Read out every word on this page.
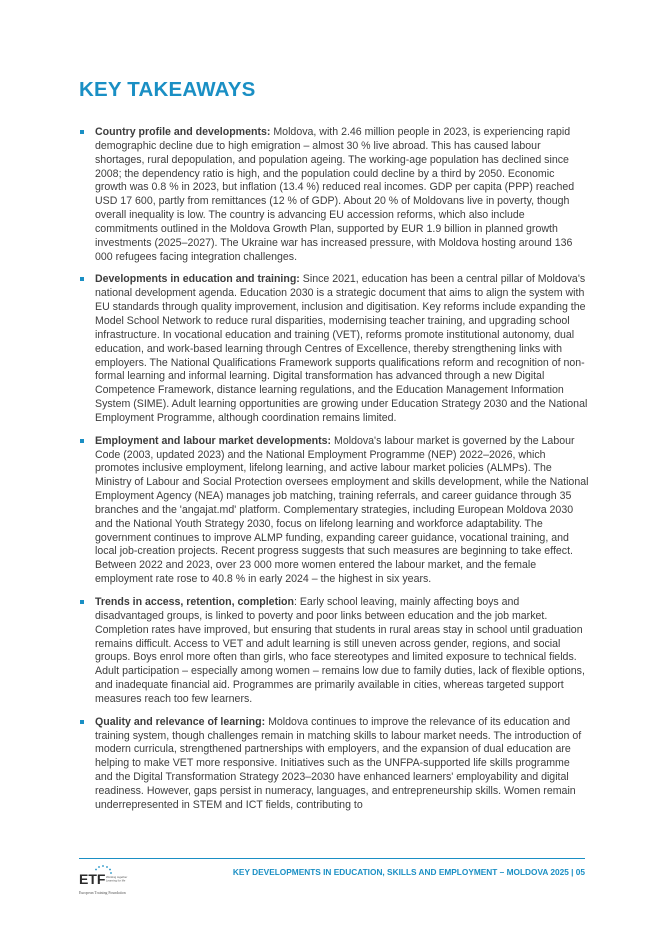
KEY TAKEAWAYS
Country profile and developments: Moldova, with 2.46 million people in 2023, is experiencing rapid demographic decline due to high emigration – almost 30 % live abroad. This has caused labour shortages, rural depopulation, and population ageing. The working-age population has declined since 2008; the dependency ratio is high, and the population could decline by a third by 2050. Economic growth was 0.8 % in 2023, but inflation (13.4 %) reduced real incomes. GDP per capita (PPP) reached USD 17 600, partly from remittances (12 % of GDP). About 20 % of Moldovans live in poverty, though overall inequality is low. The country is advancing EU accession reforms, which also include commitments outlined in the Moldova Growth Plan, supported by EUR 1.9 billion in planned growth investments (2025–2027). The Ukraine war has increased pressure, with Moldova hosting around 136 000 refugees facing integration challenges.
Developments in education and training: Since 2021, education has been a central pillar of Moldova's national development agenda. Education 2030 is a strategic document that aims to align the system with EU standards through quality improvement, inclusion and digitisation. Key reforms include expanding the Model School Network to reduce rural disparities, modernising teacher training, and upgrading school infrastructure. In vocational education and training (VET), reforms promote institutional autonomy, dual education, and work-based learning through Centres of Excellence, thereby strengthening links with employers. The National Qualifications Framework supports qualifications reform and recognition of non-formal learning and informal learning. Digital transformation has advanced through a new Digital Competence Framework, distance learning regulations, and the Education Management Information System (SIME). Adult learning opportunities are growing under Education Strategy 2030 and the National Employment Programme, although coordination remains limited.
Employment and labour market developments: Moldova's labour market is governed by the Labour Code (2003, updated 2023) and the National Employment Programme (NEP) 2022–2026, which promotes inclusive employment, lifelong learning, and active labour market policies (ALMPs). The Ministry of Labour and Social Protection oversees employment and skills development, while the National Employment Agency (NEA) manages job matching, training referrals, and career guidance through 35 branches and the 'angajat.md' platform. Complementary strategies, including European Moldova 2030 and the National Youth Strategy 2030, focus on lifelong learning and workforce adaptability. The government continues to improve ALMP funding, expanding career guidance, vocational training, and local job-creation projects. Recent progress suggests that such measures are beginning to take effect. Between 2022 and 2023, over 23 000 more women entered the labour market, and the female employment rate rose to 40.8 % in early 2024 – the highest in six years.
Trends in access, retention, completion: Early school leaving, mainly affecting boys and disadvantaged groups, is linked to poverty and poor links between education and the job market. Completion rates have improved, but ensuring that students in rural areas stay in school until graduation remains difficult. Access to VET and adult learning is still uneven across gender, regions, and social groups. Boys enrol more often than girls, who face stereotypes and limited exposure to technical fields. Adult participation – especially among women – remains low due to family duties, lack of flexible options, and inadequate financial aid. Programmes are primarily available in cities, whereas targeted support measures reach too few learners.
Quality and relevance of learning: Moldova continues to improve the relevance of its education and training system, though challenges remain in matching skills to labour market needs. The introduction of modern curricula, strengthened partnerships with employers, and the expansion of dual education are helping to make VET more responsive. Initiatives such as the UNFPA-supported life skills programme and the Digital Transformation Strategy 2023–2030 have enhanced learners' employability and digital readiness. However, gaps persist in numeracy, languages, and entrepreneurship skills. Women remain underrepresented in STEM and ICT fields, contributing to
ETF Working together
Learning for life
European Training Foundation
KEY DEVELOPMENTS IN EDUCATION, SKILLS AND EMPLOYMENT – MOLDOVA 2025 | 05
